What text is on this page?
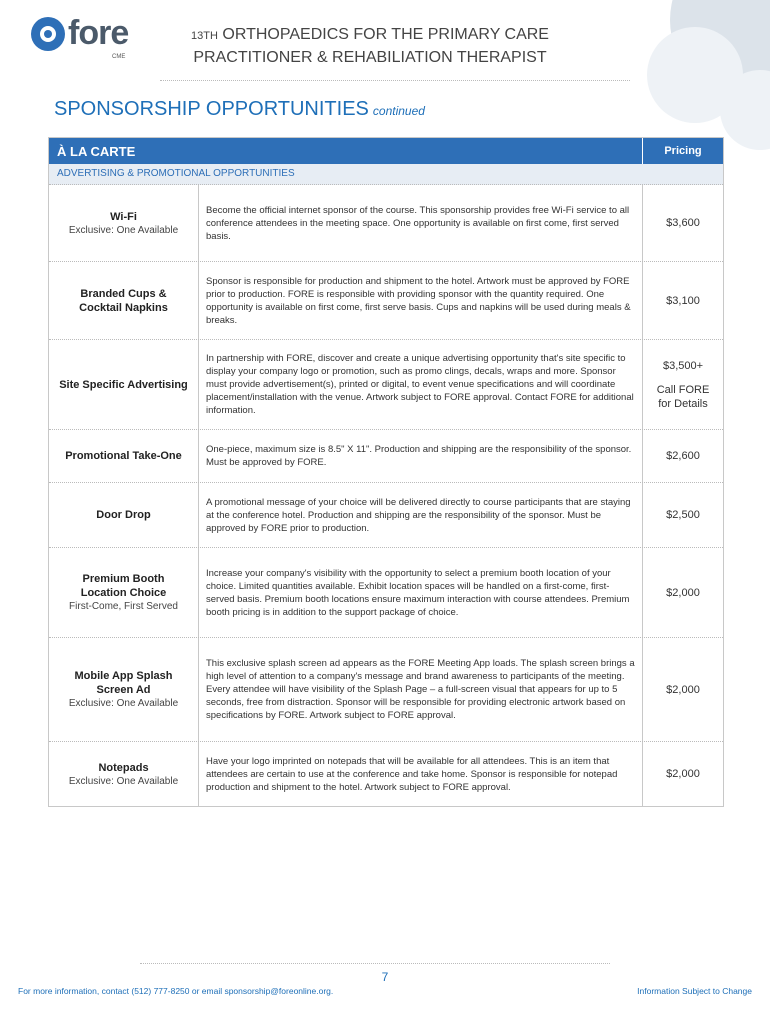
fore
CME
13TH ORTHOPAEDICS FOR THE PRIMARY CARE
PRACTITIONER & REHABILIATION THERAPIST
SPONSORSHIP OPPORTUNITIES continued
À LA CARTE	Pricing
ADVERTISING & PROMOTIONAL OPPORTUNITIES
Wi-Fi
Exclusive: One Available
Become the official internet sponsor of the course. This sponsorship provides free Wi-Fi service to all conference attendees in the meeting space. One opportunity is available on first come, first served basis.
$3,600
Branded Cups & Cocktail Napkins
Sponsor is responsible for production and shipment to the hotel. Artwork must be approved by FORE prior to production. FORE is responsible with providing sponsor with the quantity required. One opportunity is available on first come, first serve basis. Cups and napkins will be used during meals & breaks.
$3,100
Site Specific Advertising
In partnership with FORE, discover and create a unique advertising opportunity that's site specific to display your company logo or promotion, such as promo clings, decals, wraps and more. Sponsor must provide advertisement(s), printed or digital, to event venue specifications and will coordinate placement/installation with the venue. Artwork subject to FORE approval. Contact FORE for additional information.
$3,500+
Call FORE for Details
Promotional Take-One
One-piece, maximum size is 8.5" X 11". Production and shipping are the responsibility of the sponsor. Must be approved by FORE.
$2,600
Door Drop
A promotional message of your choice will be delivered directly to course participants that are staying at the conference hotel. Production and shipping are the responsibility of the sponsor. Must be approved by FORE prior to production.
$2,500
Premium Booth Location Choice
First-Come, First Served
Increase your company's visibility with the opportunity to select a premium booth location of your choice. Limited quantities available. Exhibit location spaces will be handled on a first-come, first-served basis. Premium booth locations ensure maximum interaction with course attendees. Premium booth pricing is in addition to the support package of choice.
$2,000
Mobile App Splash Screen Ad
Exclusive: One Available
This exclusive splash screen ad appears as the FORE Meeting App loads. The splash screen brings a high level of attention to a company's message and brand awareness to participants of the meeting. Every attendee will have visibility of the Splash Page – a full-screen visual that appears for up to 5 seconds, free from distraction. Sponsor will be responsible for providing electronic artwork based on specifications by FORE. Artwork subject to FORE approval.
$2,000
Notepads
Exclusive: One Available
Have your logo imprinted on notepads that will be available for all attendees. This is an item that attendees are certain to use at the conference and take home. Sponsor is responsible for notepad production and shipment to the hotel. Artwork subject to FORE approval.
$2,000
7
For more information, contact (512) 777-8250 or email sponsorship@foreonline.org.	Information Subject to Change
